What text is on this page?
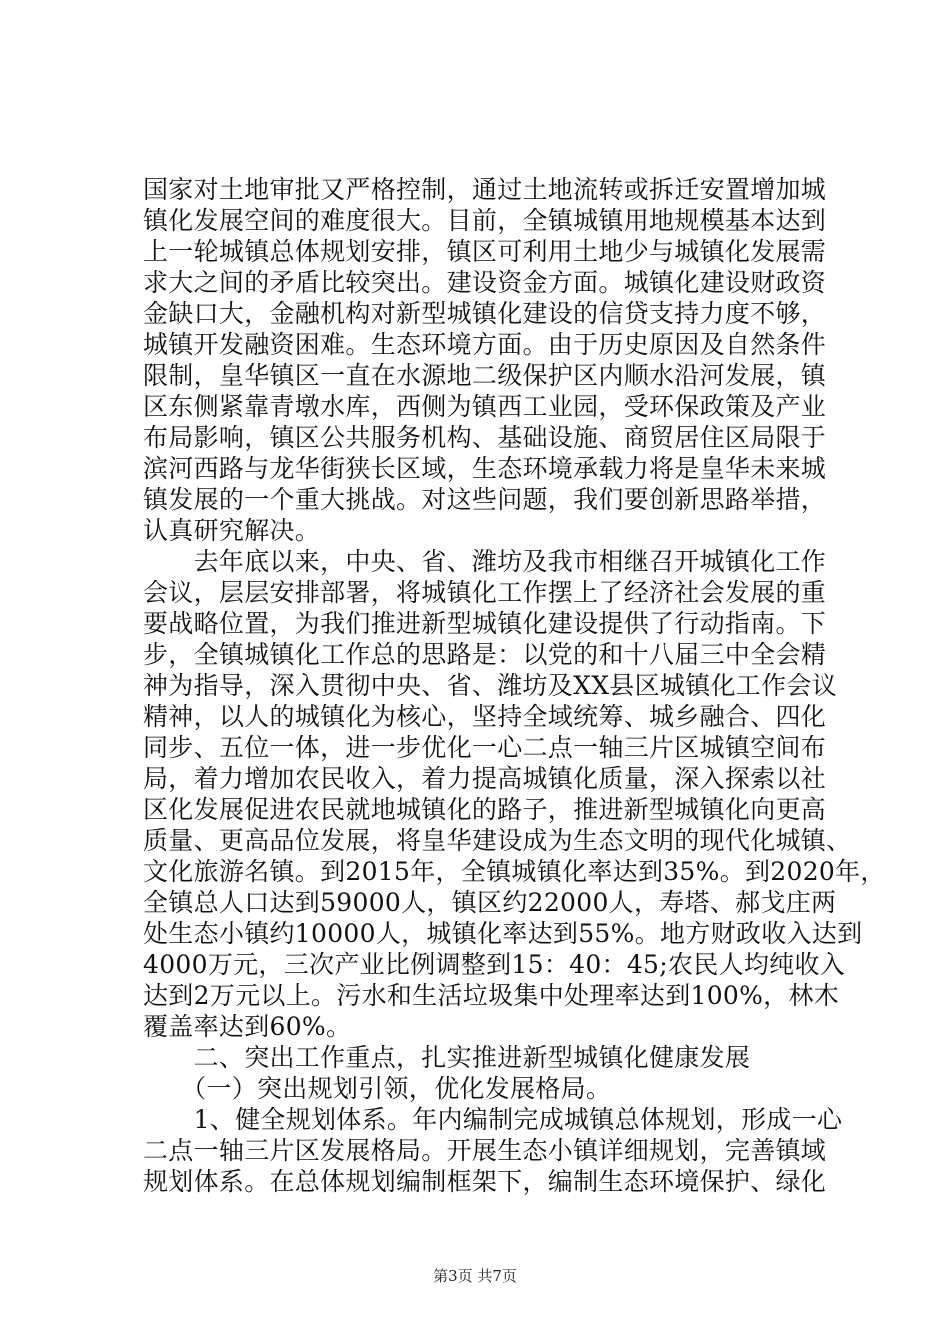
国家对土地审批又严格控制，通过土地流转或拆迁安置增加城
镇化发展空间的难度很大。目前，全镇城镇用地规模基本达到
上一轮城镇总体规划安排，镇区可利用土地少与城镇化发展需
求大之间的矛盾比较突出。建设资金方面。城镇化建设财政资
金缺口大，金融机构对新型城镇化建设的信贷支持力度不够，
城镇开发融资困难。生态环境方面。由于历史原因及自然条件
限制，皇华镇区一直在水源地二级保护区内顺水沿河发展，镇
区东侧紧靠青墩水库，西侧为镇西工业园，受环保政策及产业
布局影响，镇区公共服务机构、基础设施、商贸居住区局限于
滨河西路与龙华街狭长区域，生态环境承载力将是皇华未来城
镇发展的一个重大挑战。对这些问题，我们要创新思路举措，
认真研究解决。
　　去年底以来，中央、省、潍坊及我市相继召开城镇化工作
会议，层层安排部署，将城镇化工作摆上了经济社会发展的重
要战略位置，为我们推进新型城镇化建设提供了行动指南。下
步，全镇城镇化工作总的思路是：以党的和十八届三中全会精
神为指导，深入贯彻中央、省、潍坊及XX县区城镇化工作会议
精神，以人的城镇化为核心，坚持全域统筹、城乡融合、四化
同步、五位一体，进一步优化一心二点一轴三片区城镇空间布
局，着力增加农民收入，着力提高城镇化质量，深入探索以社
区化发展促进农民就地城镇化的路子，推进新型城镇化向更高
质量、更高品位发展，将皇华建设成为生态文明的现代化城镇、
文化旅游名镇。到2015年，全镇城镇化率达到35%。到2020年，
全镇总人口达到59000人，镇区约22000人，寿塔、郝戈庄两
处生态小镇约10000人，城镇化率达到55%。地方财政收入达到
4000万元，三次产业比例调整到15：40：45;农民人均纯收入
达到2万元以上。污水和生活垃圾集中处理率达到100%，林木
覆盖率达到60%。
　　二、突出工作重点，扎实推进新型城镇化健康发展
　　（一）突出规划引领，优化发展格局。
　　1、健全规划体系。年内编制完成城镇总体规划，形成一心
二点一轴三片区发展格局。开展生态小镇详细规划，完善镇域
规划体系。在总体规划编制框架下，编制生态环境保护、绿化
第3页 共7页
